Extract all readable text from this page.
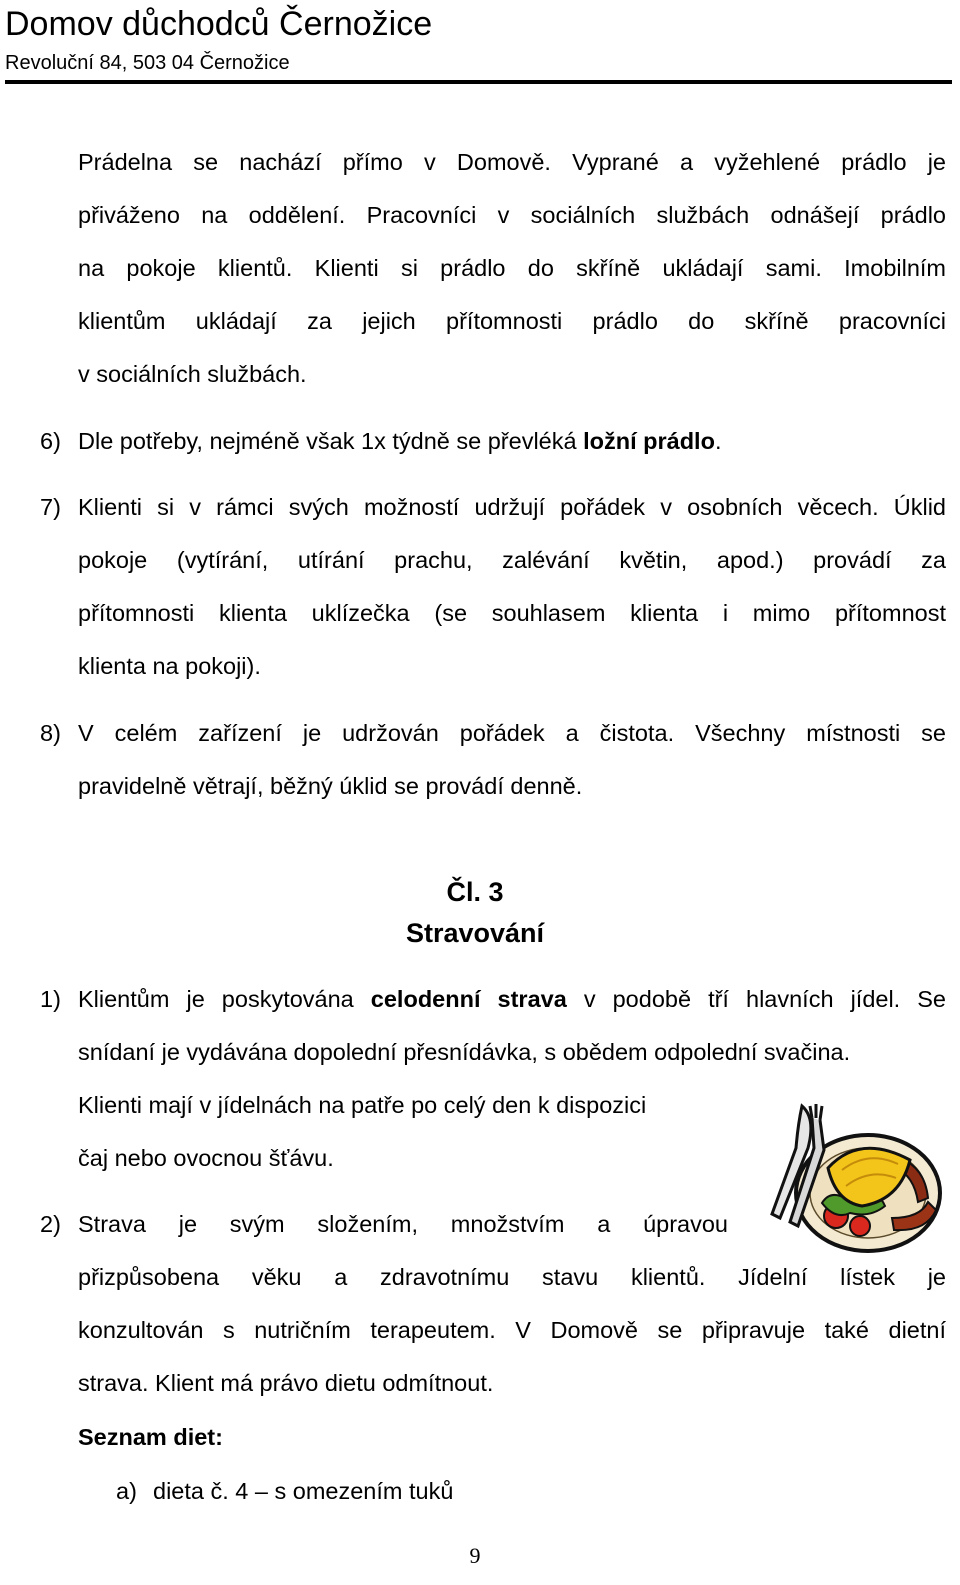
Domov důchodců Černožice
Revoluční 84, 503 04 Černožice
Prádelna se nachází přímo v Domově. Vyprané a vyžehlené prádlo je
přiváženo na oddělení. Pracovníci v sociálních službách odnášejí prádlo
na pokoje klientů. Klienti si prádlo do skříně ukládají sami. Imobilním
klientům ukládají za jejich přítomnosti prádlo do skříně pracovníci
v sociálních službách.
6) Dle potřeby, nejméně však 1x týdně se převléká ložní prádlo.
7) Klienti si v rámci svých možností udržují pořádek v osobních věcech. Úklid
pokoje (vytírání, utírání prachu, zalévání květin, apod.) provádí za
přítomnosti klienta uklízečka (se souhlasem klienta i mimo přítomnost
klienta na pokoji).
8) V celém zařízení je udržován pořádek a čistota. Všechny místnosti se
pravidelně větrají, běžný úklid se provádí denně.
Čl. 3
Stravování
1) Klientům je poskytována celodenní strava v podobě tří hlavních jídel. Se
snídaní je vydávána dopolední přesnídávka, s obědem odpolední svačina.
Klienti mají v jídelnách na patře po celý den k dispozici
čaj nebo ovocnou šťávu.
2) Strava je svým složením, množstvím a úpravou
přizpůsobena věku a zdravotnímu stavu klientů. Jídelní lístek je
konzultován s nutričním terapeutem. V Domově se připravuje také dietní
strava. Klient má právo dietu odmítnout.
Seznam diet:
a) dieta č. 4 – s omezením tuků
9
